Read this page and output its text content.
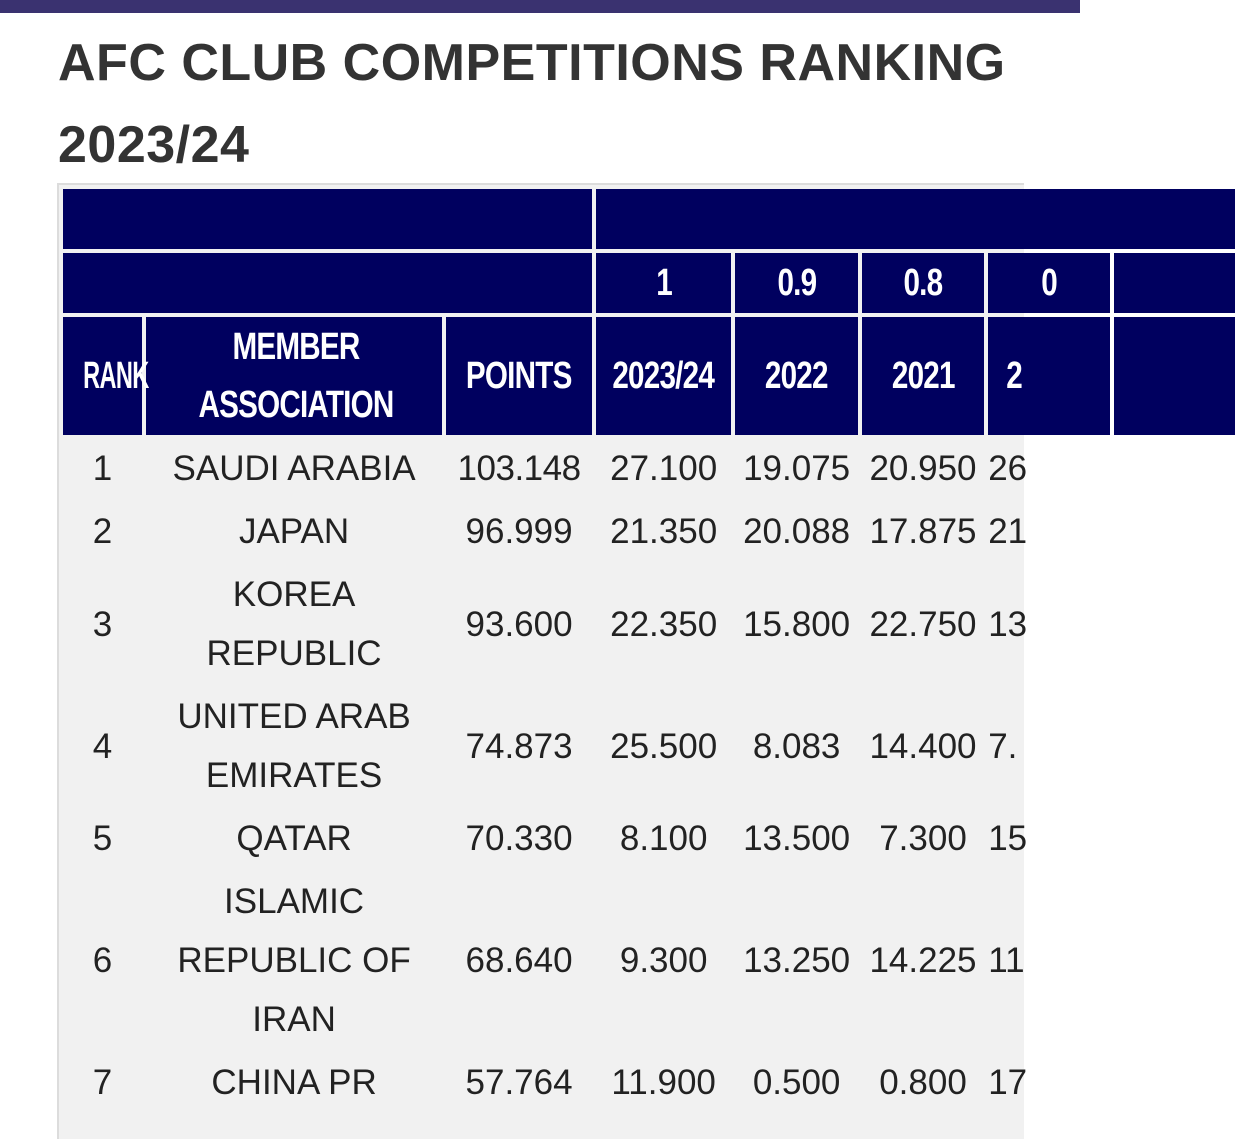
AFC CLUB COMPETITIONS RANKING 2023/24

			1	0.9	0.8	0	
RANK	MEMBER ASSOCIATION	POINTS	2023/24	2022	2021	2	
1	SAUDI ARABIA	103.148	27.100	19.075	20.950	26	
2	JAPAN	96.999	21.350	20.088	17.875	21	
3	KOREA REPUBLIC	93.600	22.350	15.800	22.750	13	
4	UNITED ARAB EMIRATES	74.873	25.500	8.083	14.400	7.	
5	QATAR	70.330	8.100	13.500	7.300	15	
6	ISLAMIC REPUBLIC OF IRAN	68.640	9.300	13.250	14.225	11	
7	CHINA PR	57.764	11.900	0.500	0.800	17	
